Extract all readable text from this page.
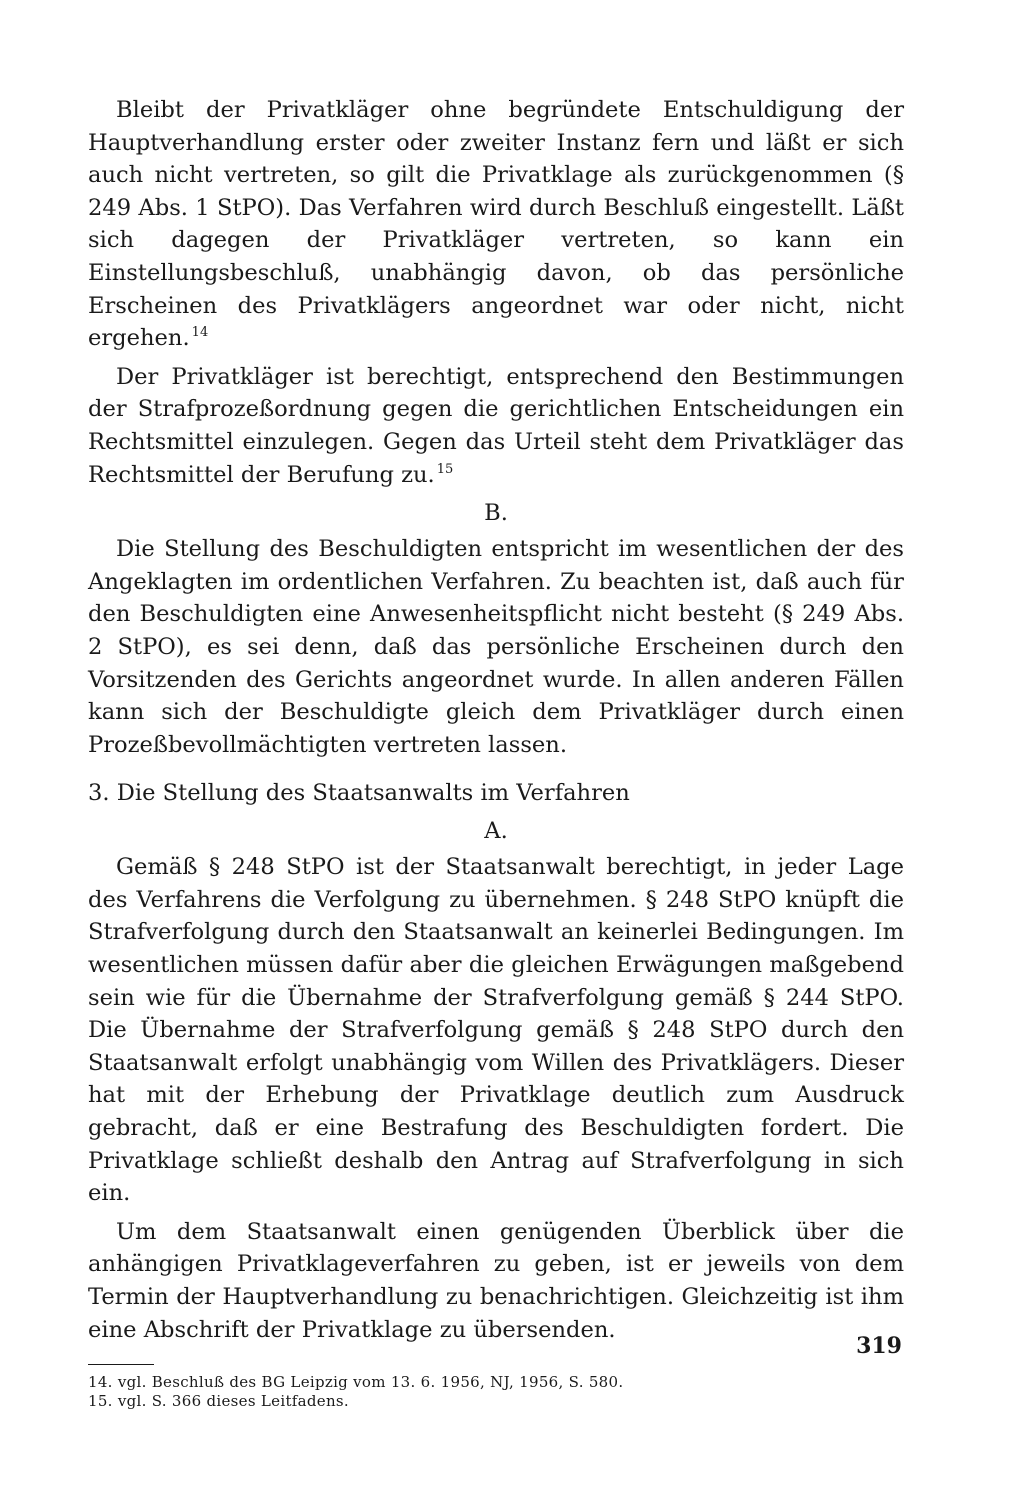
Bleibt der Privatkläger ohne begründete Entschuldigung der Hauptverhandlung erster oder zweiter Instanz fern und läßt er sich auch nicht vertreten, so gilt die Privatklage als zurückgenommen (§ 249 Abs. 1 StPO). Das Verfahren wird durch Beschluß eingestellt. Läßt sich dagegen der Privatkläger vertreten, so kann ein Einstellungsbeschluß, unabhängig davon, ob das persönliche Erscheinen des Privatklägers angeordnet war oder nicht, nicht ergehen. $^{14}$

Der Privatkläger ist berechtigt, entsprechend den Bestimmungen der Strafprozeßordnung gegen die gerichtlichen Entscheidungen ein Rechtsmittel einzulegen. Gegen das Urteil steht dem Privatkläger das Rechtsmittel der Berufung zu. $^{15}$

B.

Die Stellung des Beschuldigten entspricht im wesentlichen der des Angeklagten im ordentlichen Verfahren. Zu beachten ist, daß auch für den Beschuldigten eine Anwesenheitspflicht nicht besteht (§ 249 Abs. 2 StPO), es sei denn, daß das persönliche Erscheinen durch den Vorsitzenden des Gerichts angeordnet wurde. In allen anderen Fällen kann sich der Beschuldigte gleich dem Privatkläger durch einen Prozeßbevollmächtigten vertreten lassen.

3. Die Stellung des Staatsanwalts im Verfahren
A.

Gemäß § 248 StPO ist der Staatsanwalt berechtigt, in jeder Lage des Verfahrens die Verfolgung zu übernehmen. § 248 StPO knüpft die Strafverfolgung durch den Staatsanwalt an keinerlei Bedingungen. Im wesentlichen müssen dafür aber die gleichen Erwägungen maßgebend sein wie für die Übernahme der Strafverfolgung gemäß § 244 StPO. Die Übernahme der Strafverfolgung gemäß § 248 StPO durch den Staatsanwalt erfolgt unabhängig vom Willen des Privatklägers. Dieser hat mit der Erhebung der Privatklage deutlich zum Ausdruck gebracht, daß er eine Bestrafung des Beschuldigten fordert. Die Privatklage schließt deshalb den Antrag auf Strafverfolgung in sich ein.

Um dem Staatsanwalt einen genügenden Überblick über die anhängigen Privatklageverfahren zu geben, ist er jeweils von dem Termin der Hauptverhandlung zu benachrichtigen. Gleichzeitig ist ihm eine Abschrift der Privatklage zu übersenden.

14. vgl. Beschluß des BG Leipzig vom 13. 6. 1956, NJ, 1956, S. 580.

15. vgl. S. 366 dieses Leitfadens.

319
